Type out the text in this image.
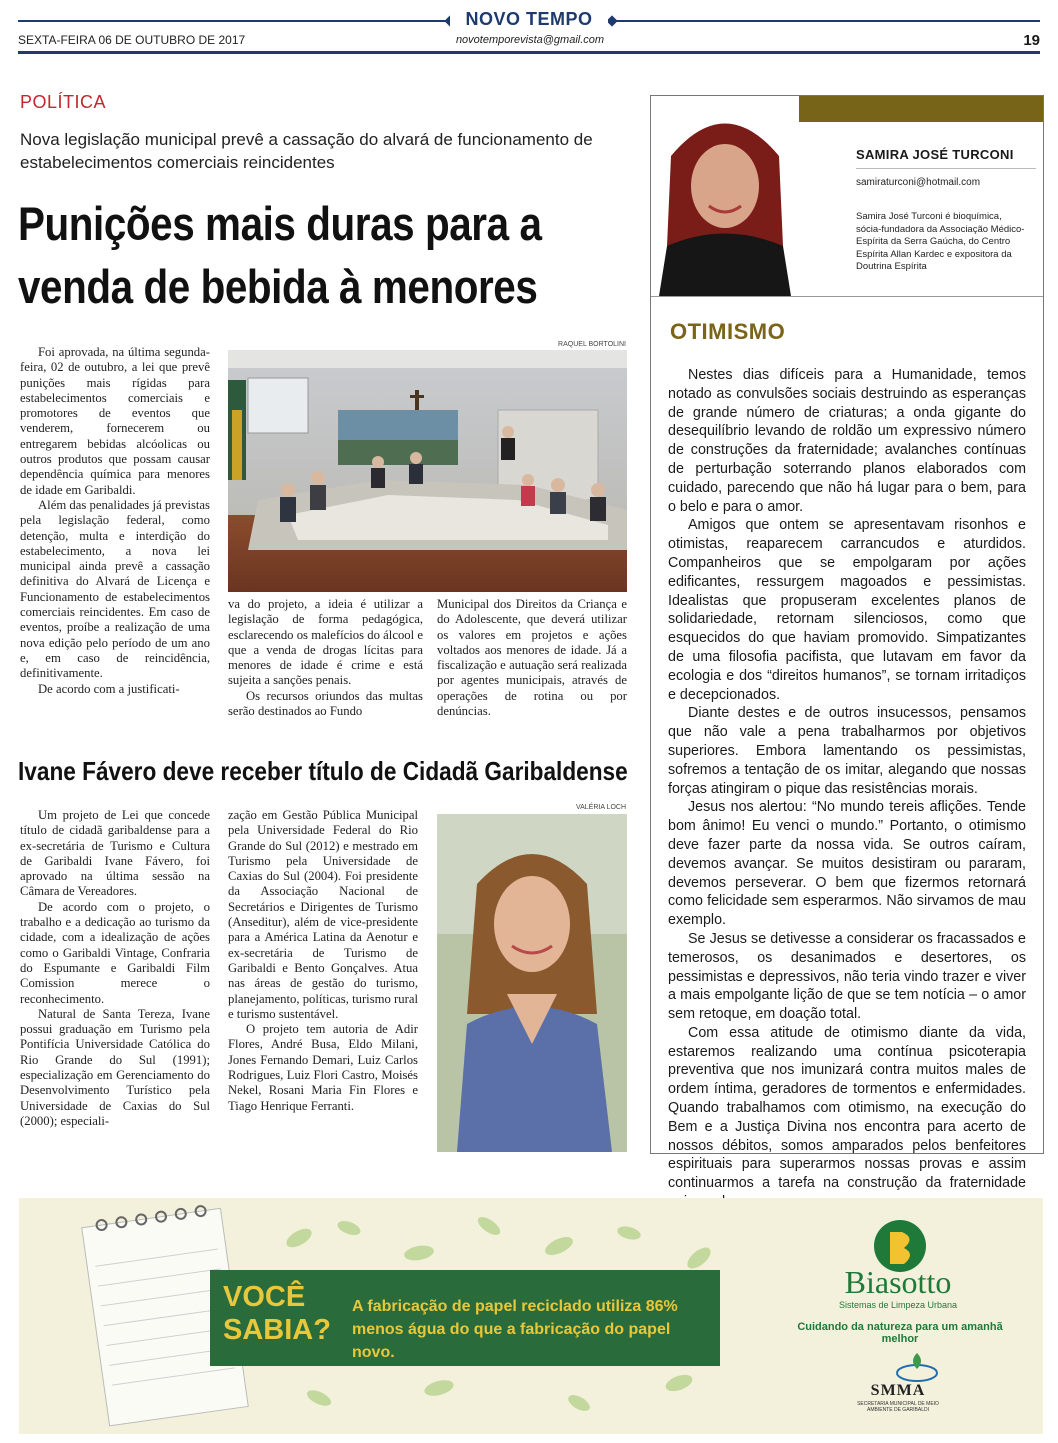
NOVO TEMPO
SEXTA-FEIRA 06 DE OUTUBRO DE 2017	novotemporevista@gmail.com	19
POLÍTICA
Nova legislação municipal prevê a cassação do alvará de funcionamento de estabelecimentos comerciais reincidentes
Punições mais duras para a venda de bebida à menores

Foi aprovada, na última segunda-feira, 02 de outubro, a lei que prevê punições mais rígidas para estabelecimentos comerciais e promotores de eventos que venderem, fornecerem ou entregarem bebidas alcóolicas ou outros produtos que possam causar dependência química para menores de idade em Garibaldi.

Além das penalidades já previstas pela legislação federal, como detenção, multa e interdição do estabelecimento, a nova lei municipal ainda prevê a cassação definitiva do Alvará de Licença e Funcionamento de estabelecimentos comerciais reincidentes. Em caso de eventos, proíbe a realização de uma nova edição pelo período de um ano e, em caso de reincidência, definitivamente.

De acordo com a justificati-

RAQUEL BORTOLINI

va do projeto, a ideia é utilizar a legislação de forma pedagógica, esclarecendo os malefícios do álcool e que a venda de drogas lícitas para menores de idade é crime e está sujeita a sanções penais.

Os recursos oriundos das multas serão destinados ao Fundo

Municipal dos Direitos da Criança e do Adolescente, que deverá utilizar os valores em projetos e ações voltados aos menores de idade. Já a fiscalização e autuação será realizada por agentes municipais, através de operações de rotina ou por denúncias.

Ivane Fávero deve receber título de Cidadã Garibaldense

Um projeto de Lei que concede título de cidadã garibaldense para a ex-secretária de Turismo e Cultura de Garibaldi Ivane Fávero, foi aprovado na última sessão na Câmara de Vereadores.

De acordo com o projeto, o trabalho e a dedicação ao turismo da cidade, com a idealização de ações como o Garibaldi Vintage, Confraria do Espumante e Garibaldi Film Comission merece o reconhecimento.

Natural de Santa Tereza, Ivane possui graduação em Turismo pela Pontifícia Universidade Católica do Rio Grande do Sul (1991); especialização em Gerenciamento do Desenvolvimento Turístico pela Universidade de Caxias do Sul (2000); especiali-

zação em Gestão Pública Municipal pela Universidade Federal do Rio Grande do Sul (2012) e mestrado em Turismo pela Universidade de Caxias do Sul (2004). Foi presidente da Associação Nacional de Secretários e Dirigentes de Turismo (Anseditur), além de vice-presidente para a América Latina da Aenotur e ex-secretária de Turismo de Garibaldi e Bento Gonçalves. Atua nas áreas de gestão do turismo, planejamento, políticas, turismo rural e turismo sustentável.

O projeto tem autoria de Adir Flores, André Busa, Eldo Milani, Jones Fernando Demari, Luiz Carlos Rodrigues, Luiz Flori Castro, Moisés Nekel, Rosani Maria Fin Flores e Tiago Henrique Ferranti.

VALÉRIA LOCH
SAMIRA JOSÉ TURCONI
samiraturconi@hotmail.com
Samira José Turconi é bioquímica, sócia-fundadora da Associação Médico-Espírita da Serra Gaúcha, do Centro Espírita Allan Kardec e expositora da Doutrina Espírita
OTIMISMO

Nestes dias difíceis para a Humanidade, temos notado as convulsões sociais destruindo as esperanças de grande número de criaturas; a onda gigante do desequilíbrio levando de roldão um expressivo número de construções da fraternidade; avalanches contínuas de perturbação soterrando planos elaborados com cuidado, parecendo que não há lugar para o bem, para o belo e para o amor.

Amigos que ontem se apresentavam risonhos e otimistas, reaparecem carrancudos e aturdidos. Companheiros que se empolgaram por ações edificantes, ressurgem magoados e pessimistas. Idealistas que propuseram excelentes planos de solidariedade, retornam silenciosos, como que esquecidos do que haviam promovido. Simpatizantes de uma filosofia pacifista, que lutavam em favor da ecologia e dos “direitos humanos”, se tornam irritadiços e decepcionados.

Diante destes e de outros insucessos, pensamos que não vale a pena trabalharmos por objetivos superiores. Embora lamentando os pessimistas, sofremos a tentação de os imitar, alegando que nossas forças atingiram o pique das resistências morais.

Jesus nos alertou: “No mundo tereis aflições. Tende bom ânimo! Eu venci o mundo.” Portanto, o otimismo deve fazer parte da nossa vida. Se outros caíram, devemos avançar. Se muitos desistiram ou pararam, devemos perseverar. O bem que fizermos retornará como felicidade sem esperarmos. Não sirvamos de mau exemplo.

Se Jesus se detivesse a considerar os fracassados e temerosos, os desanimados e desertores, os pessimistas e depressivos, não teria vindo trazer e viver a mais empolgante lição de que se tem notícia – o amor sem retoque, em doação total.

Com essa atitude de otimismo diante da vida, estaremos realizando uma contínua psicoterapia preventiva que nos imunizará contra muitos males de ordem íntima, geradores de tormentos e enfermidades. Quando trabalhamos com otimismo, na execução do Bem e a Justiça Divina nos encontra para acerto de nossos débitos, somos amparados pelos benfeitores espirituais para superarmos nossas provas e assim continuarmos a tarefa na construção da fraternidade

VOCÊ
SABIA?
A fabricação de papel reciclado utiliza 86% menos água do que a fabricação do papel novo.
Biasotto
Sistemas de Limpeza Urbana
Cuidando da natureza para um amanhã melhor
SMMA
SECRETARIA MUNICIPAL DE MEIO AMBIENTE DE GARIBALDI
